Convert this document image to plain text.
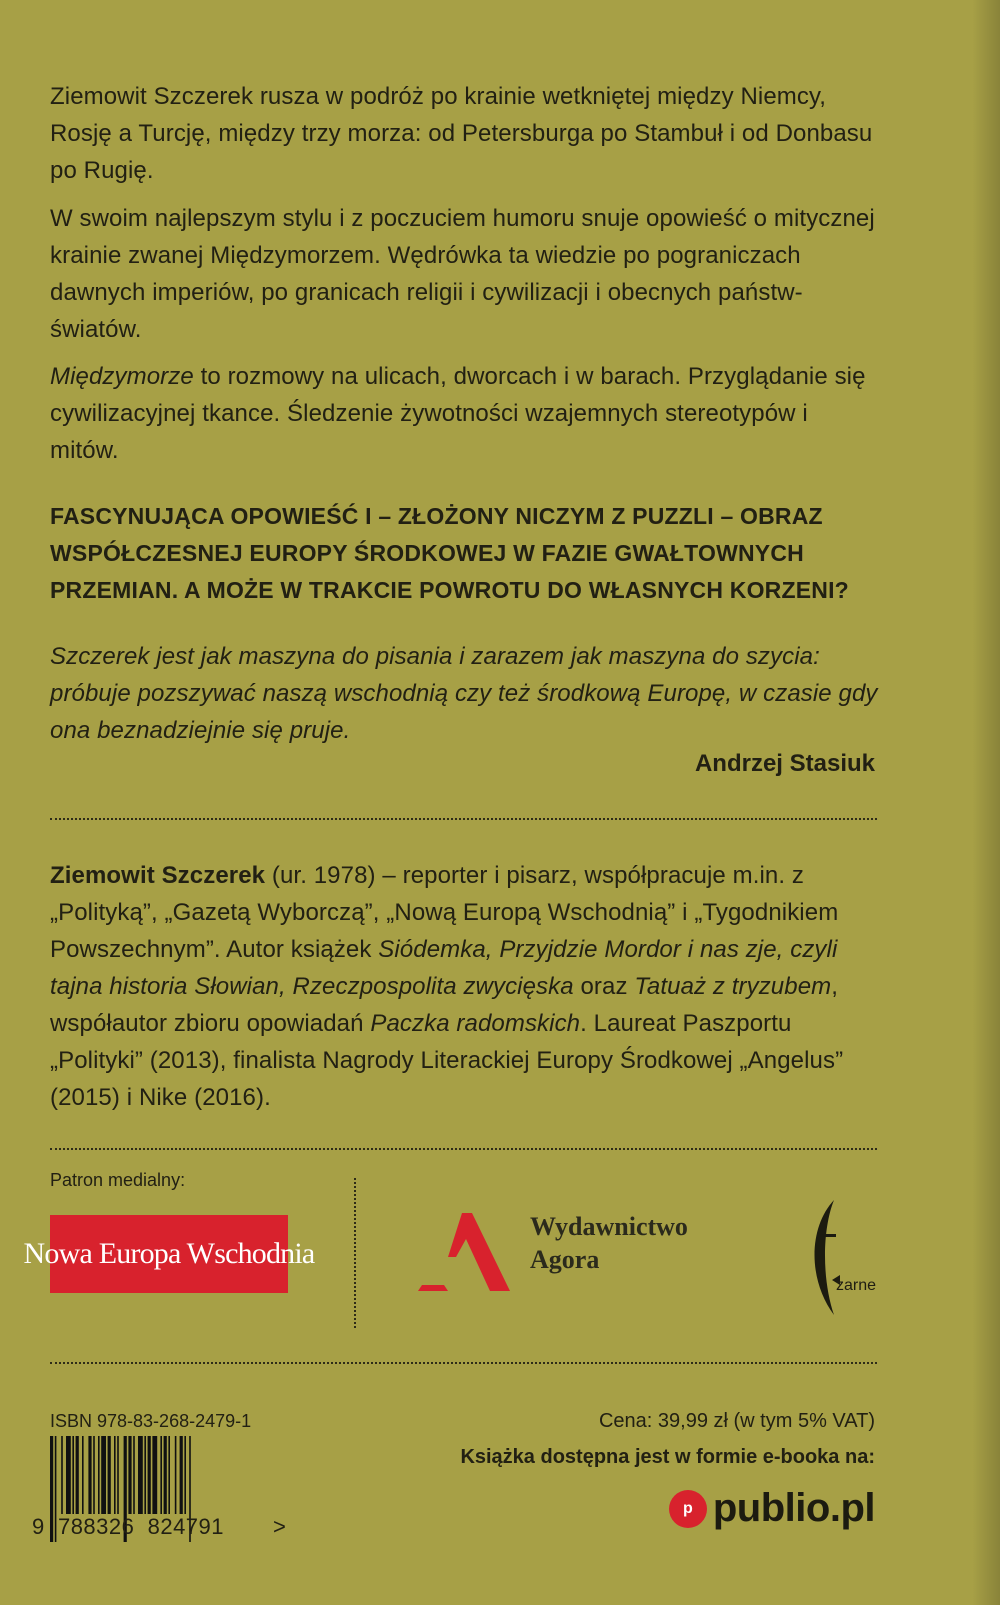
Ziemowit Szczerek rusza w podróż po krainie wetkniętej między Niemcy, Rosję a Turcję, między trzy morza: od Petersburga po Stambuł i od Donbasu po Rugię.

W swoim najlepszym stylu i z poczuciem humoru snuje opowieść o mitycznej krainie zwanej Międzymorzem. Wędrówka ta wiedzie po pograniczach dawnych imperiów, po granicach religii i cywilizacji i obecnych państw-światów.

Międzymorze to rozmowy na ulicach, dworcach i w barach. Przyglądanie się cywilizacyjnej tkance. Śledzenie żywotności wzajemnych stereotypów i mitów.

FASCYNUJĄCA OPOWIEŚĆ I – ZŁOŻONY NICZYM Z PUZZLI – OBRAZ WSPÓŁCZESNEJ EUROPY ŚRODKOWEJ W FAZIE GWAŁTOWNYCH PRZEMIAN. A MOŻE W TRAKCIE POWROTU DO WŁASNYCH KORZENI?

Szczerek jest jak maszyna do pisania i zarazem jak maszyna do szycia: próbuje pozszywać naszą wschodnią czy też środkową Europę, w czasie gdy ona beznadziejnie się pruje.

Andrzej Stasiuk

Ziemowit Szczerek (ur. 1978) – reporter i pisarz, współpracuje m.in. z „Polityką”, „Gazetą Wyborczą”, „Nową Europą Wschodnią” i „Tygodnikiem Powszechnym”. Autor książek Siódemka, Przyjdzie Mordor i nas zje, czyli tajna historia Słowian, Rzeczpospolita zwycięska oraz Tatuaż z tryzubem, współautor zbioru opowiadań Paczka radomskich. Laureat Paszportu „Polityki” (2013), finalista Nagrody Literackiej Europy Środkowej „Angelus” (2015) i Nike (2016).

Patron medialny:
Nowa Europa Wschodnia
Wydawnictwo
Agora
zarne
ISBN 978-83-268-2479-1
9  788326  824791 >
Cena: 39,99 zł (w tym 5% VAT)
Książka dostępna jest w formie e-booka na:
p publio.pl
